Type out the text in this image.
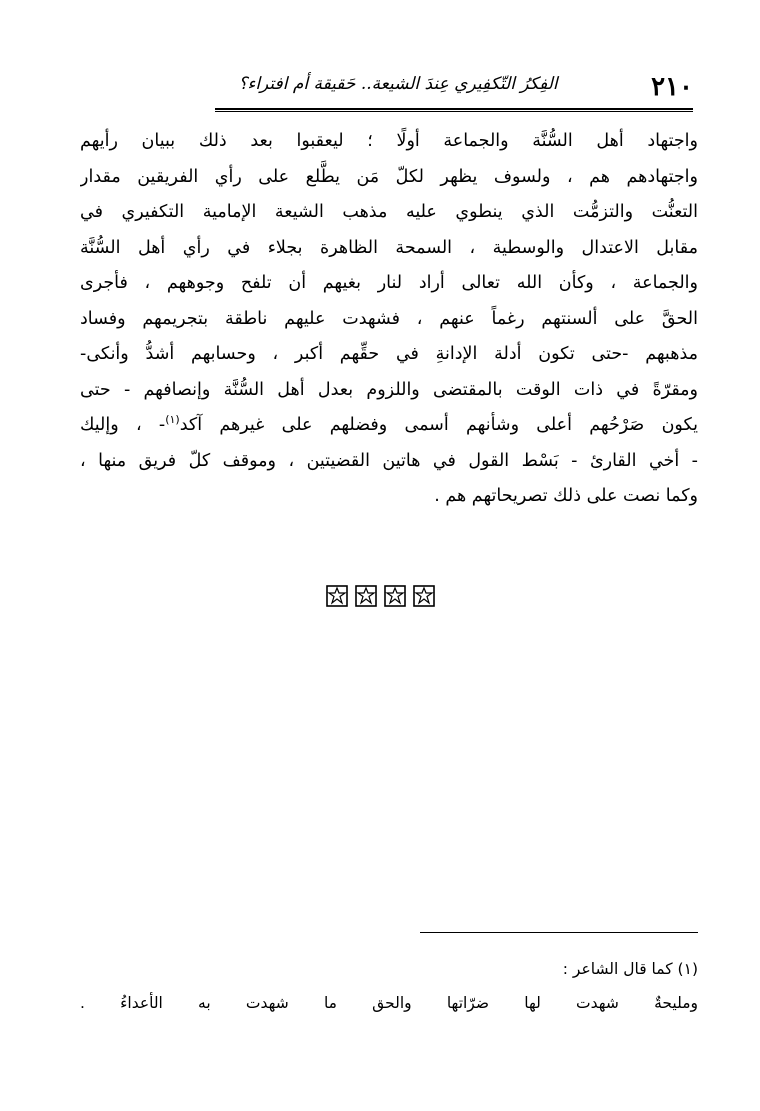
٢١٠
الفِكرُ التّكفِيري عِندَ الشيعة.. حَقيقة أم افتراء؟
واجتهاد أهل السُّنَّة والجماعة أولًا ؛ ليعقبوا بعد ذلك ببيان رأيهم
واجتهادهم هم ، ولسوف يظهر لكلّ مَن يطَّلع على رأي الفريقين مقدار
التعنُّت والتزمُّت الذي ينطوي عليه مذهب الشيعة الإمامية التكفيري في
مقابل الاعتدال والوسطية ، السمحة الظاهرة بجلاء في رأي أهل السُّنَّة
والجماعة ، وكأن الله تعالى أراد لنار بغيهم أن تلفح وجوههم ، فأجرى
الحقَّ على ألسنتهم رغماً عنهم ، فشهدت عليهم ناطقة بتجريمهم وفساد
مذهبهم -حتى تكون أدلة الإدانةِ في حقِّهم أكبر ، وحسابهم أشدُّ وأنكى-
ومقرّةً في ذات الوقت بالمقتضى واللزوم بعدل أهل السُّنَّة وإنصافهم - حتى
يكون صَرْحُهم أعلى وشأنهم أسمى وفضلهم على غيرهم آكد$^{(١)}$- ، وإليك
- أخي القارئ - بَسْط القول في هاتين القضيتين ، وموقف كلّ فريق منها ،
وكما نصت على ذلك تصريحاتهم هم .
(١) كما قال الشاعر :
ومليحةٌ شهدت لها ضرّاتها والحق ما شهدت به الأعداءُ .
